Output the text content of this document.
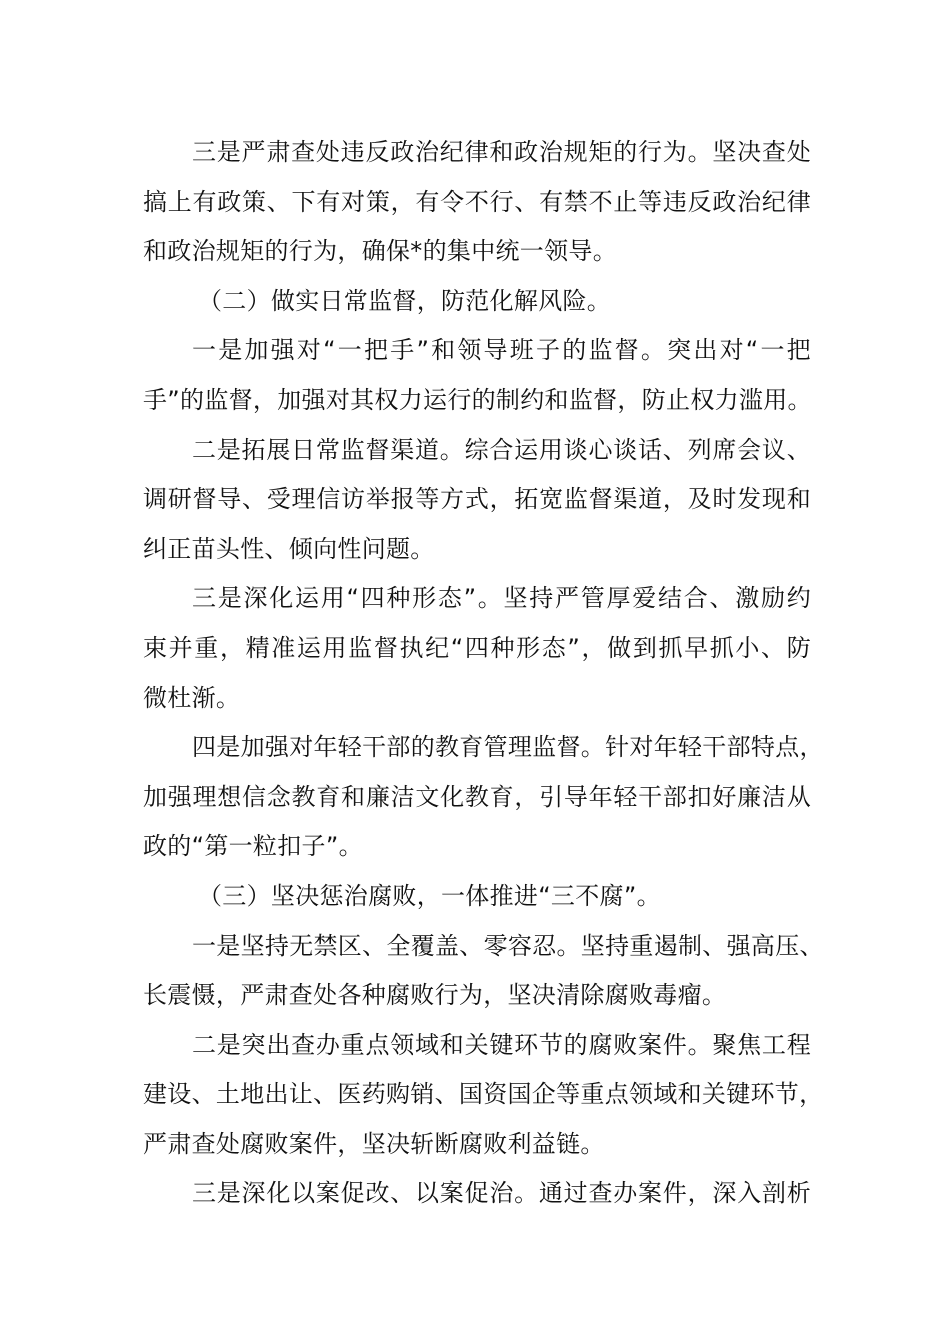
三是严肃查处违反政治纪律和政治规矩的行为。坚决查处
搞上有政策、下有对策，有令不行、有禁不止等违反政治纪律
和政治规矩的行为，确保*的集中统一领导。
（二）做实日常监督，防范化解风险。
一是加强对“一把手”和领导班子的监督。突出对“一把
手”的监督，加强对其权力运行的制约和监督，防止权力滥用。
二是拓展日常监督渠道。综合运用谈心谈话、列席会议、
调研督导、受理信访举报等方式，拓宽监督渠道，及时发现和
纠正苗头性、倾向性问题。
三是深化运用“四种形态”。坚持严管厚爱结合、激励约
束并重，精准运用监督执纪“四种形态”，做到抓早抓小、防
微杜渐。
四是加强对年轻干部的教育管理监督。针对年轻干部特点，
加强理想信念教育和廉洁文化教育，引导年轻干部扣好廉洁从
政的“第一粒扣子”。
（三）坚决惩治腐败，一体推进“三不腐”。
一是坚持无禁区、全覆盖、零容忍。坚持重遏制、强高压、
长震慑，严肃查处各种腐败行为，坚决清除腐败毒瘤。
二是突出查办重点领域和关键环节的腐败案件。聚焦工程
建设、土地出让、医药购销、国资国企等重点领域和关键环节，
严肃查处腐败案件，坚决斩断腐败利益链。
三是深化以案促改、以案促治。通过查办案件，深入剖析
